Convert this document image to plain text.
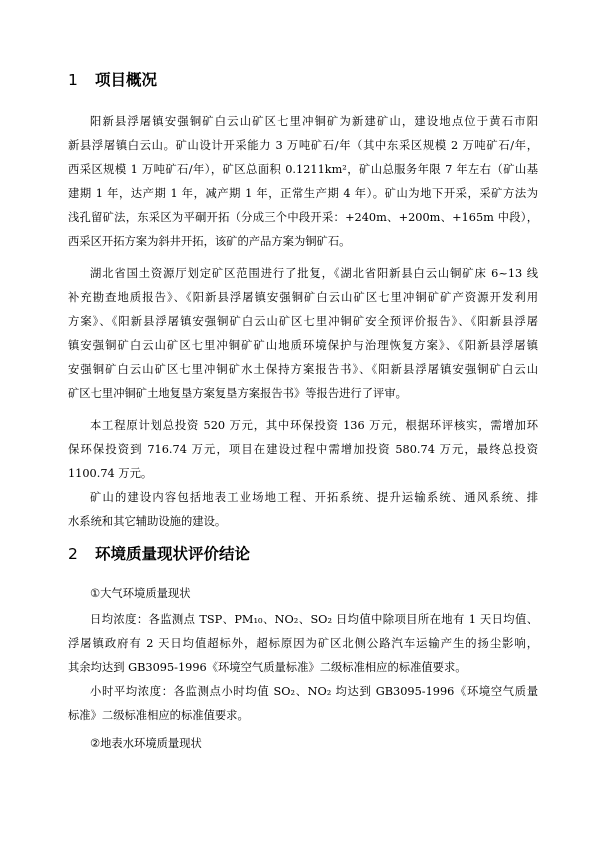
1	项目概况
阳新县浮屠镇安强铜矿白云山矿区七里冲铜矿为新建矿山，建设地点位于黄石市阳
新县浮屠镇白云山。矿山设计开采能力 3 万吨矿石/年（其中东采区规模 2 万吨矿石/年，
西采区规模 1 万吨矿石/年），矿区总面积 0.1211km²，矿山总服务年限 7 年左右（矿山基
建期 1 年，达产期 1 年，减产期 1 年，正常生产期 4 年）。矿山为地下开采，采矿方法为
浅孔留矿法，东采区为平硐开拓（分成三个中段开采：+240m、+200m、+165m 中段），
西采区开拓方案为斜井开拓，该矿的产品方案为铜矿石。
湖北省国土资源厅划定矿区范围进行了批复，《湖北省阳新县白云山铜矿床 6~13 线
补充勘查地质报告》、《阳新县浮屠镇安强铜矿白云山矿区七里冲铜矿矿产资源开发利用
方案》、《阳新县浮屠镇安强铜矿白云山矿区七里冲铜矿安全预评价报告》、《阳新县浮屠
镇安强铜矿白云山矿区七里冲铜矿矿山地质环境保护与治理恢复方案》、《阳新县浮屠镇
安强铜矿白云山矿区七里冲铜矿水土保持方案报告书》、《阳新县浮屠镇安强铜矿白云山
矿区七里冲铜矿土地复垦方案复垦方案报告书》等报告进行了评审。
本工程原计划总投资 520 万元，其中环保投资 136 万元，根据环评核实，需增加环
保环保投资到 716.74 万元，项目在建设过程中需增加投资 580.74 万元，最终总投资
1100.74 万元。
矿山的建设内容包括地表工业场地工程、开拓系统、提升运输系统、通风系统、排
水系统和其它辅助设施的建设。
2	环境质量现状评价结论
①大气环境质量现状
日均浓度：各监测点 TSP、PM₁₀、NO₂、SO₂ 日均值中除项目所在地有 1 天日均值、
浮屠镇政府有 2 天日均值超标外，超标原因为矿区北侧公路汽车运输产生的扬尘影响，
其余均达到 GB3095-1996《环境空气质量标准》二级标准相应的标准值要求。
小时平均浓度：各监测点小时均值 SO₂、NO₂ 均达到 GB3095-1996《环境空气质量
标准》二级标准相应的标准值要求。
②地表水环境质量现状
